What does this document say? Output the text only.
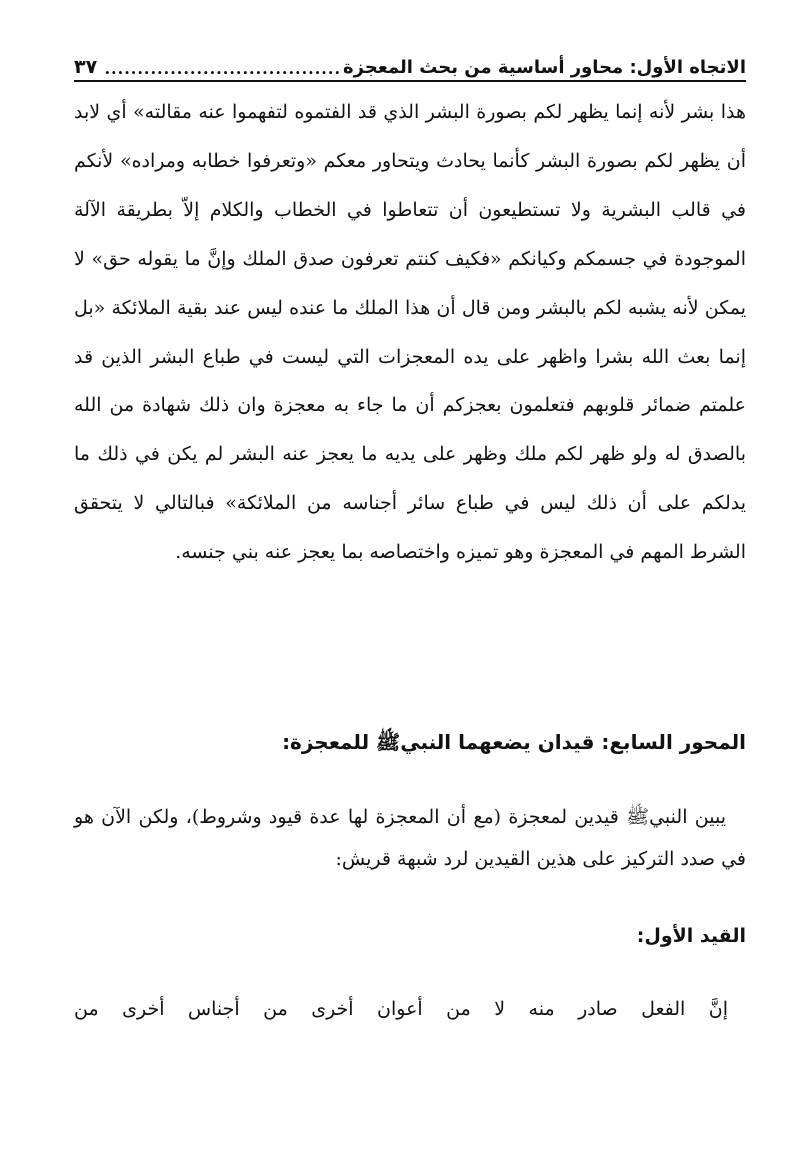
الاتجاه الأول: محاور أساسية من بحث المعجزة
....................................
٣٧

هذا بشر لأنه إنما يظهر لكم بصورة البشر الذي قد الفتموه لتفهموا عنه مقالته» أي لابد أن يظهر لكم بصورة البشر كأنما يحادث ويتحاور معكم «وتعرفوا خطابه ومراده» لأنكم في قالب البشرية ولا تستطيعون أن تتعاطوا في الخطاب والكلام إلاّ بطريقة الآلة الموجودة في جسمكم وكيانكم «فكيف كنتم تعرفون صدق الملك وإنَّ ما يقوله حق» لا يمكن لأنه يشبه لكم بالبشر ومن قال أن هذا الملك ما عنده ليس عند بقية الملائكة «بل إنما بعث الله بشرا واظهر على يده المعجزات التي ليست في طباع البشر الذين قد علمتم ضمائر قلوبهم فتعلمون بعجزكم أن ما جاء به معجزة وان ذلك شهادة من الله بالصدق له ولو ظهر لكم ملك وظهر على يديه ما يعجز عنه البشر لم يكن في ذلك ما يدلكم على أن ذلك ليس في طباع سائر أجناسه من الملائكة» فبالتالي لا يتحقق الشرط المهم في المعجزة وهو تميزه واختصاصه بما يعجز عنه بني جنسه.

المحور السابع: قيدان يضعهما النبيﷺ للمعجزة:

يبين النبيﷺ قيدين لمعجزة (مع أن المعجزة لها عدة قيود وشروط)، ولكن الآن هو في صدد التركيز على هذين القيدين لرد شبهة قريش:

القيد الأول:

إنَّ الفعل صادر منه لا من أعوان أخرى من أجناس أخرى من
